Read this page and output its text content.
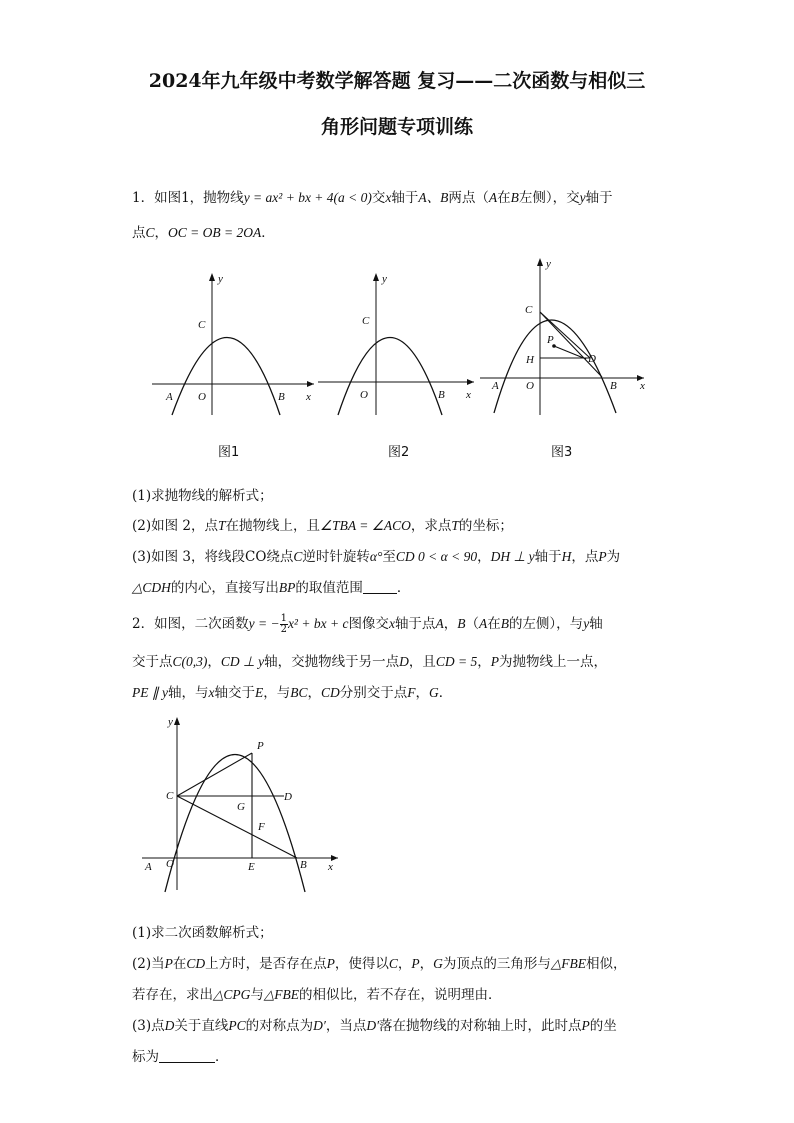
2024年九年级中考数学解答题 复习——二次函数与相似三
角形问题专项训练
1．如图1，抛物线y = ax² + bx + 4(a < 0)交x轴于A、B两点（A在B左侧），交y轴于
点C，OC = OB = 2OA．
y
C
A O	B x
y
C
O	B x
y
C
P
H	D
A O	B x
图1	图2	图3
(1)求抛物线的解析式；
(2)如图 2，点T在抛物线上，且∠TBA = ∠ACO，求点T的坐标；
(3)如图 3，将线段CO绕点C逆时针旋转α°至CD 0 < α < 90，DH ⊥ y轴于H，点P为
△CDH的内心，直接写出BP的取值范围	．
2．如图，二次函数y = − $\frac{1}{2} x^2$ + bx + c图像交x轴于点A，B（A在B的左侧），与y轴
交于点C(0,3)，CD ⊥ y轴，交抛物线于另一点D，且CD = 5，P为抛物线上一点，
PE ∥ y轴，与x轴交于E，与BC，CD分别交于点F，G．
y
P
C
G
D
F
A O	E	B x
(1)求二次函数解析式；
(2)当P在CD上方时，是否存在点P，使得以C，P，G为顶点的三角形与△FBE相似，
若存在，求出△CPG与△FBE的相似比，若不存在，说明理由．
(3)点D关于直线PC的对称点为D′，当点D′落在抛物线的对称轴上时，此时点P的坐
标为	．
